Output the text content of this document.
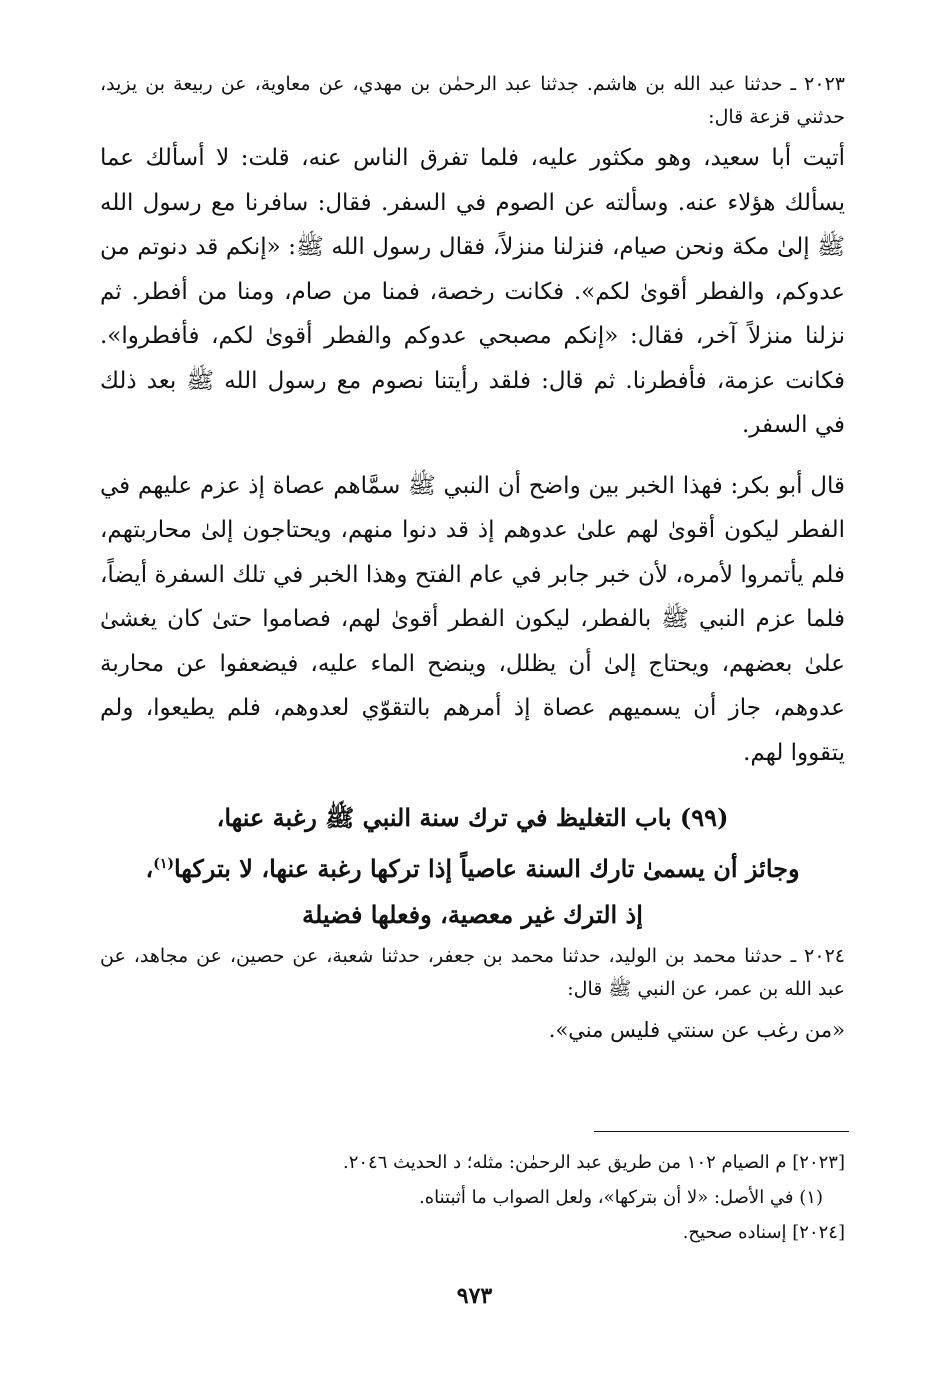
٢٠٢٣ ـ حدثنا عبد الله بن هاشم. جدثنا عبد الرحمٰن بن مهدي، عن معاوية، عن ربيعة بن يزيد، حدثني قزعة قال:

أتيت أبا سعيد، وهو مكثور عليه، فلما تفرق الناس عنه، قلت: لا أسألك عما يسألك هؤلاء عنه. وسألته عن الصوم في السفر. فقال: سافرنا مع رسول الله ﷺ إلىٰ مكة ونحن صيام، فنزلنا منزلاً، فقال رسول الله ﷺ: «إنكم قد دنوتم من عدوكم، والفطر أقوىٰ لكم». فكانت رخصة، فمنا من صام، ومنا من أفطر. ثم نزلنا منزلاً آخر، فقال: «إنكم مصبحي عدوكم والفطر أقوىٰ لكم، فأفطروا». فكانت عزمة، فأفطرنا. ثم قال: فلقد رأيتنا نصوم مع رسول الله ﷺ بعد ذلك في السفر.

قال أبو بكر: فهذا الخبر بين واضح أن النبي ﷺ سمَّاهم عصاة إذ عزم عليهم في الفطر ليكون أقوىٰ لهم علىٰ عدوهم إذ قد دنوا منهم، ويحتاجون إلىٰ محاربتهم، فلم يأتمروا لأمره، لأن خبر جابر في عام الفتح وهذا الخبر في تلك السفرة أيضاً، فلما عزم النبي ﷺ بالفطر، ليكون الفطر أقوىٰ لهم، فصاموا حتىٰ كان يغشىٰ علىٰ بعضهم، ويحتاج إلىٰ أن يظلل، وينضح الماء عليه، فيضعفوا عن محاربة عدوهم، جاز أن يسميهم عصاة إذ أمرهم بالتقوّي لعدوهم، فلم يطيعوا، ولم يتقووا لهم.

(٩٩) باب التغليظ في ترك سنة النبي ﷺ رغبة عنها،
وجائز أن يسمىٰ تارك السنة عاصياً إذا تركها رغبة عنها، لا بتركها$^{(١)}$،
إذ الترك غير معصية، وفعلها فضيلة

٢٠٢٤ ـ حدثنا محمد بن الوليد، حدثنا محمد بن جعفر، حدثنا شعبة، عن حصين، عن مجاهد، عن عبد الله بن عمر، عن النبي ﷺ قال:

«من رغب عن سنتي فليس مني».

[٢٠٢٣] م الصيام ١٠٢ من طريق عبد الرحمٰن: مثله؛ د الحديث ٢٠٤٦.
(١) في الأصل: «لا أن بتركها»، ولعل الصواب ما أثبتناه.
[٢٠٢٤] إسناده صحيح.
٩٧٣
